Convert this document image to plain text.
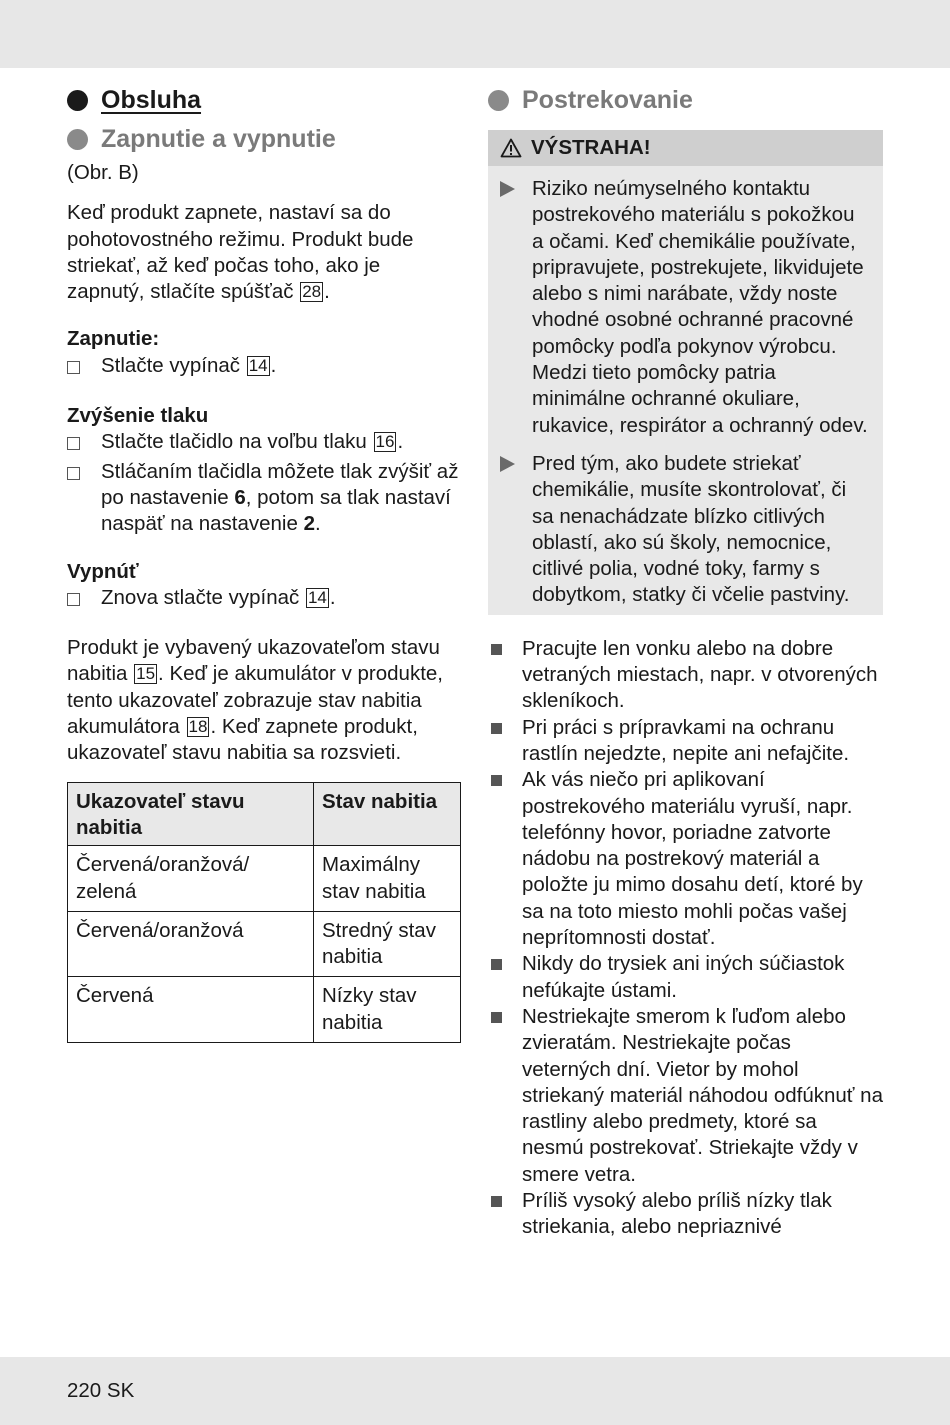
Obsluha
Zapnutie a vypnutie

(Obr. B)

Keď produkt zapnete, nastaví sa do pohotovostného režimu. Produkt bude striekať, až keď počas toho, ako je zapnutý, stlačíte spúšťač 28 .

Zapnutie:

Stlačte vypínač 14 .

Zvýšenie tlaku

Stlačte tlačidlo na voľbu tlaku 16 .
Stláčaním tlačidla môžete tlak zvýšiť až po nastavenie 6, potom sa tlak nastaví naspäť na nastavenie 2.

Vypnúť

Znova stlačte vypínač 14 .

Produkt je vybavený ukazovateľom stavu nabitia 15 . Keď je akumulátor v produkte, tento ukazovateľ zobrazuje stav nabitia akumulátora 18 . Keď zapnete produkt, ukazovateľ stavu nabitia sa rozsvieti.

Ukazovateľ stavu nabitia	Stav nabitia
Červená/oranžová/ zelená	Maximálny stav nabitia
Červená/oranžová	Stredný stav nabitia
Červená	Nízky stav nabitia
Postrekovanie
VÝSTRAHA!
Riziko neúmyselného kontaktu postrekového materiálu s pokožkou a očami. Keď chemikálie používate, pripravujete, postrekujete, likvidujete alebo s nimi narábate, vždy noste vhodné osobné ochranné pracovné pomôcky podľa pokynov výrobcu. Medzi tieto pomôcky patria minimálne ochranné okuliare, rukavice, respirátor a ochranný odev.
Pred tým, ako budete striekať chemikálie, musíte skontrolovať, či sa nenachádzate blízko citlivých oblastí, ako sú školy, nemocnice, citlivé polia, vodné toky, farmy s dobytkom, statky či včelie pastviny.
Pracujte len vonku alebo na dobre vetraných miestach, napr. v otvorených skleníkoch.
Pri práci s prípravkami na ochranu rastlín nejedzte, nepite ani nefajčite.
Ak vás niečo pri aplikovaní postrekového materiálu vyruší, napr. telefónny hovor, poriadne zatvorte nádobu na postrekový materiál a položte ju mimo dosahu detí, ktoré by sa na toto miesto mohli počas vašej neprítomnosti dostať.
Nikdy do trysiek ani iných súčiastok nefúkajte ústami.
Nestriekajte smerom k ľuďom alebo zvieratám. Nestriekajte počas veterných dní. Vietor by mohol striekaný materiál náhodou odfúknuť na rastliny alebo predmety, ktoré sa nesmú postrekovať. Striekajte vždy v smere vetra.
Príliš vysoký alebo príliš nízky tlak striekania, alebo nepriaznivé
220 SK
